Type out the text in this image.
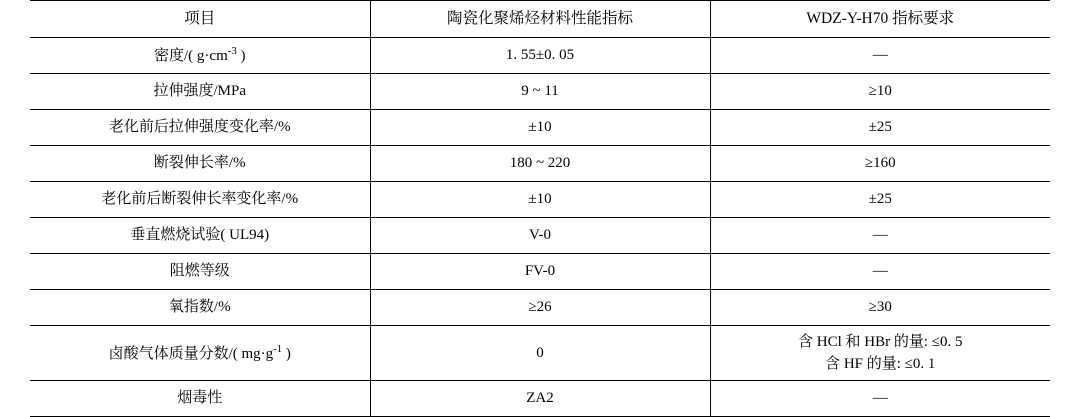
项目	陶瓷化聚烯烃材料性能指标	WDZ-Y-H70 指标要求
密度/( $g\cdot cm^{-3}$ )	1. 55±0. 05	—
拉伸强度/MPa	9 ~ 11	≥10
老化前后拉伸强度变化率/%	±10	±25
断裂伸长率/%	180 ~ 220	≥160
老化前后断裂伸长率变化率/%	±10	±25
垂直燃烧试验( UL94)	V-0	—
阻燃等级	FV-0	—
氧指数/%	≥26	≥30
卤酸气体质量分数/( $mg\cdot g^{-1}$ )	0	含 HCl 和 HBr 的量: ≤0. 5
含 HF 的量: ≤0. 1

烟毒性	ZA2	—
